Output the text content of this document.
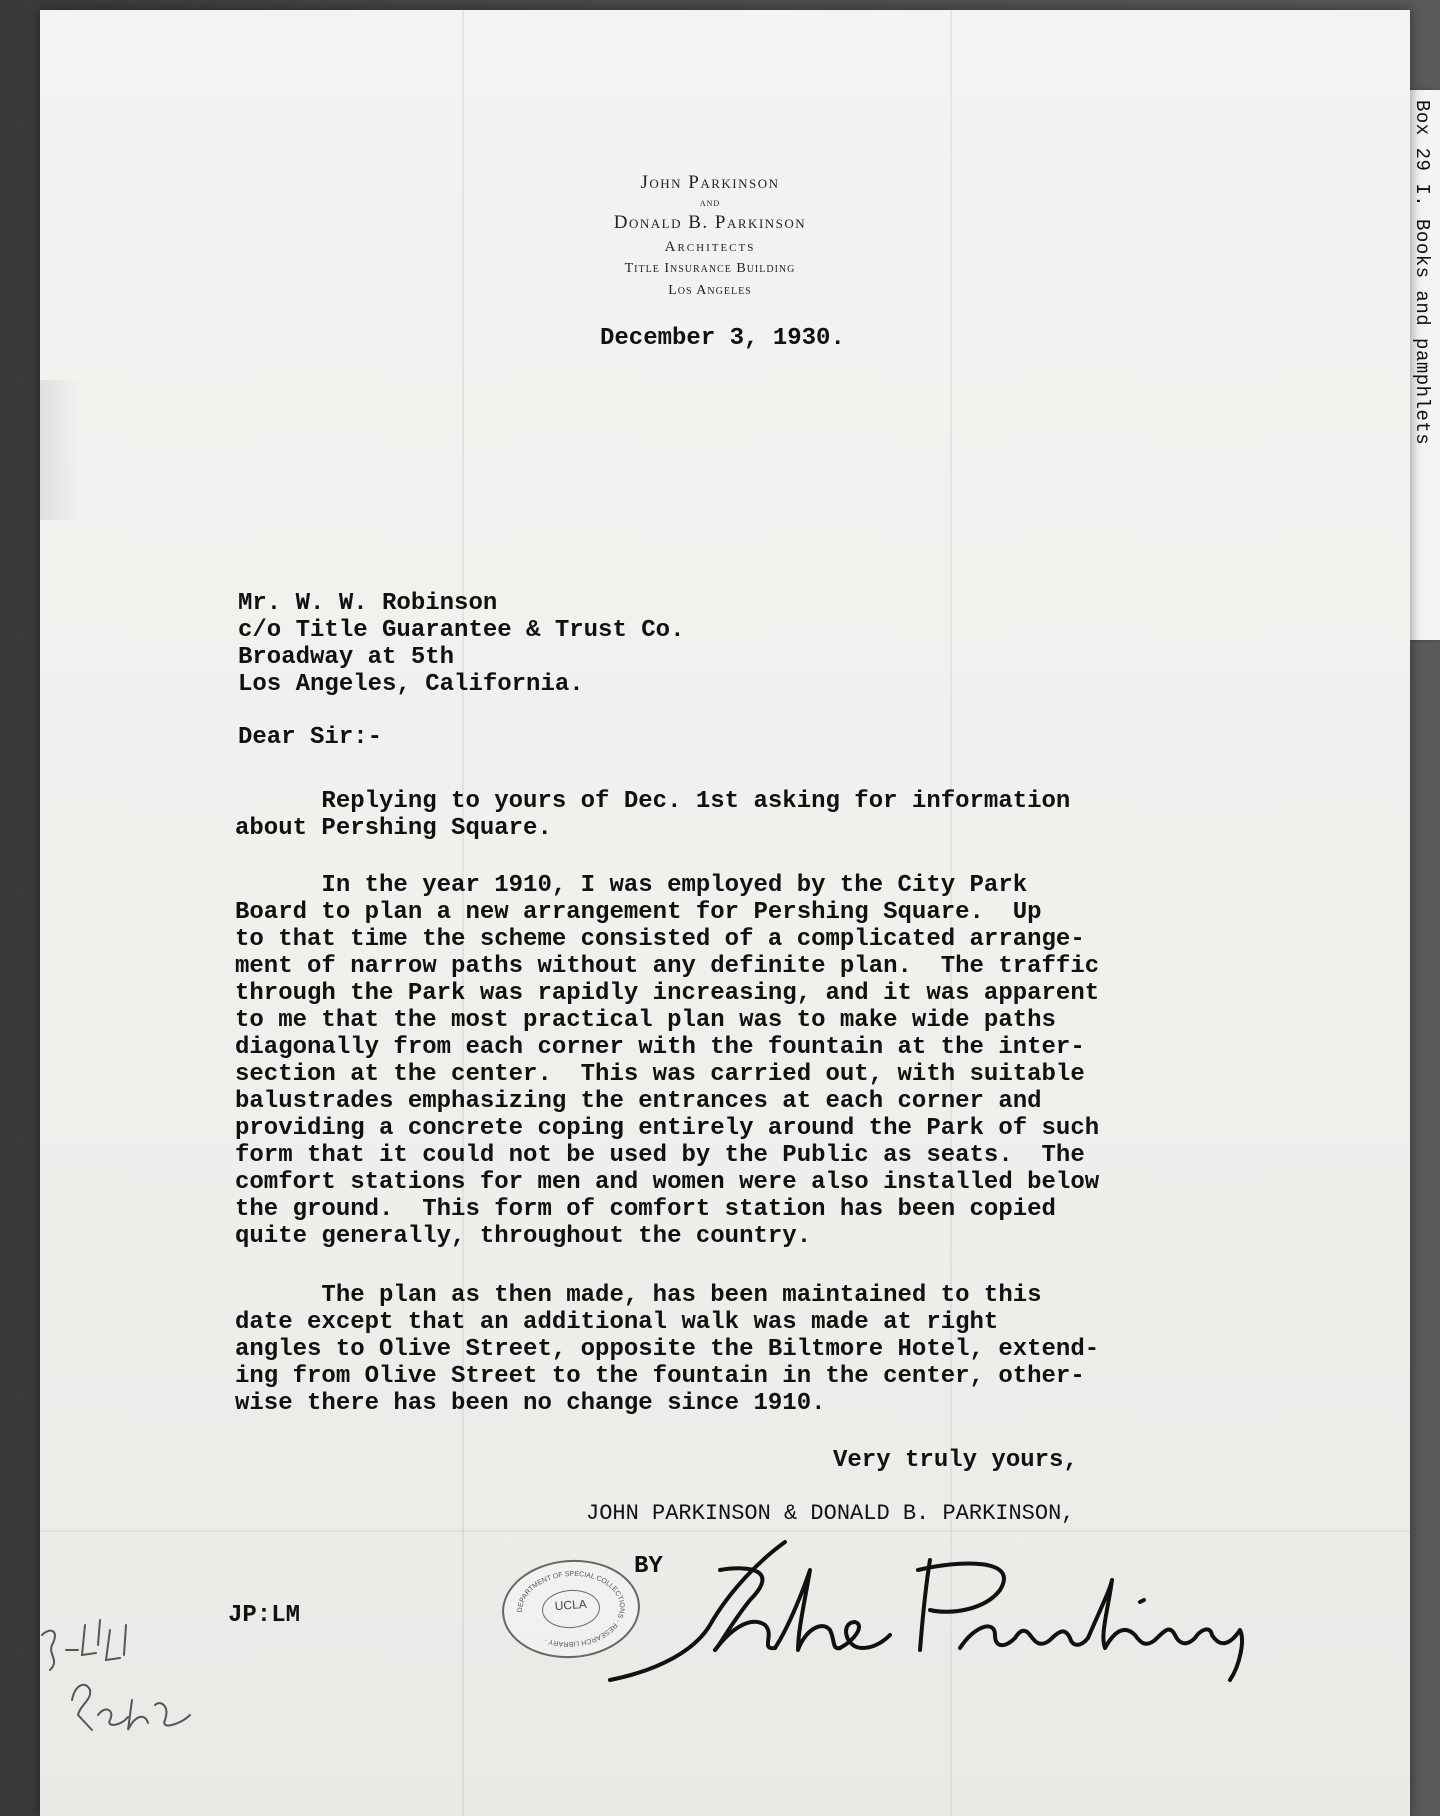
Box 29 I. Books and pamphlets
John Parkinson
and
Donald B. Parkinson
Architects
Title Insurance Building
Los Angeles
December 3, 1930.
Mr. W. W. Robinson
c/o Title Guarantee & Trust Co.
Broadway at 5th
Los Angeles, California.
Dear Sir:-
Replying to yours of Dec. 1st asking for information
about Pershing Square.
In the year 1910, I was employed by the City Park
Board to plan a new arrangement for Pershing Square.  Up
to that time the scheme consisted of a complicated arrange-
ment of narrow paths without any definite plan.  The traffic
through the Park was rapidly increasing, and it was apparent
to me that the most practical plan was to make wide paths
diagonally from each corner with the fountain at the inter-
section at the center.  This was carried out, with suitable
balustrades emphasizing the entrances at each corner and
providing a concrete coping entirely around the Park of such
form that it could not be used by the Public as seats.  The
comfort stations for men and women were also installed below
the ground.  This form of comfort station has been copied
quite generally, throughout the country.
The plan as then made, has been maintained to this
date except that an additional walk was made at right
angles to Olive Street, opposite the Biltmore Hotel, extend-
ing from Olive Street to the fountain in the center, other-
wise there has been no change since 1910.
Very truly yours,
JOHN PARKINSON & DONALD B. PARKINSON,
BY
JP:LM	DEPARTMENT OF SPECIAL COLLECTIONS · RESEARCH LIBRARY ·
UCLA
